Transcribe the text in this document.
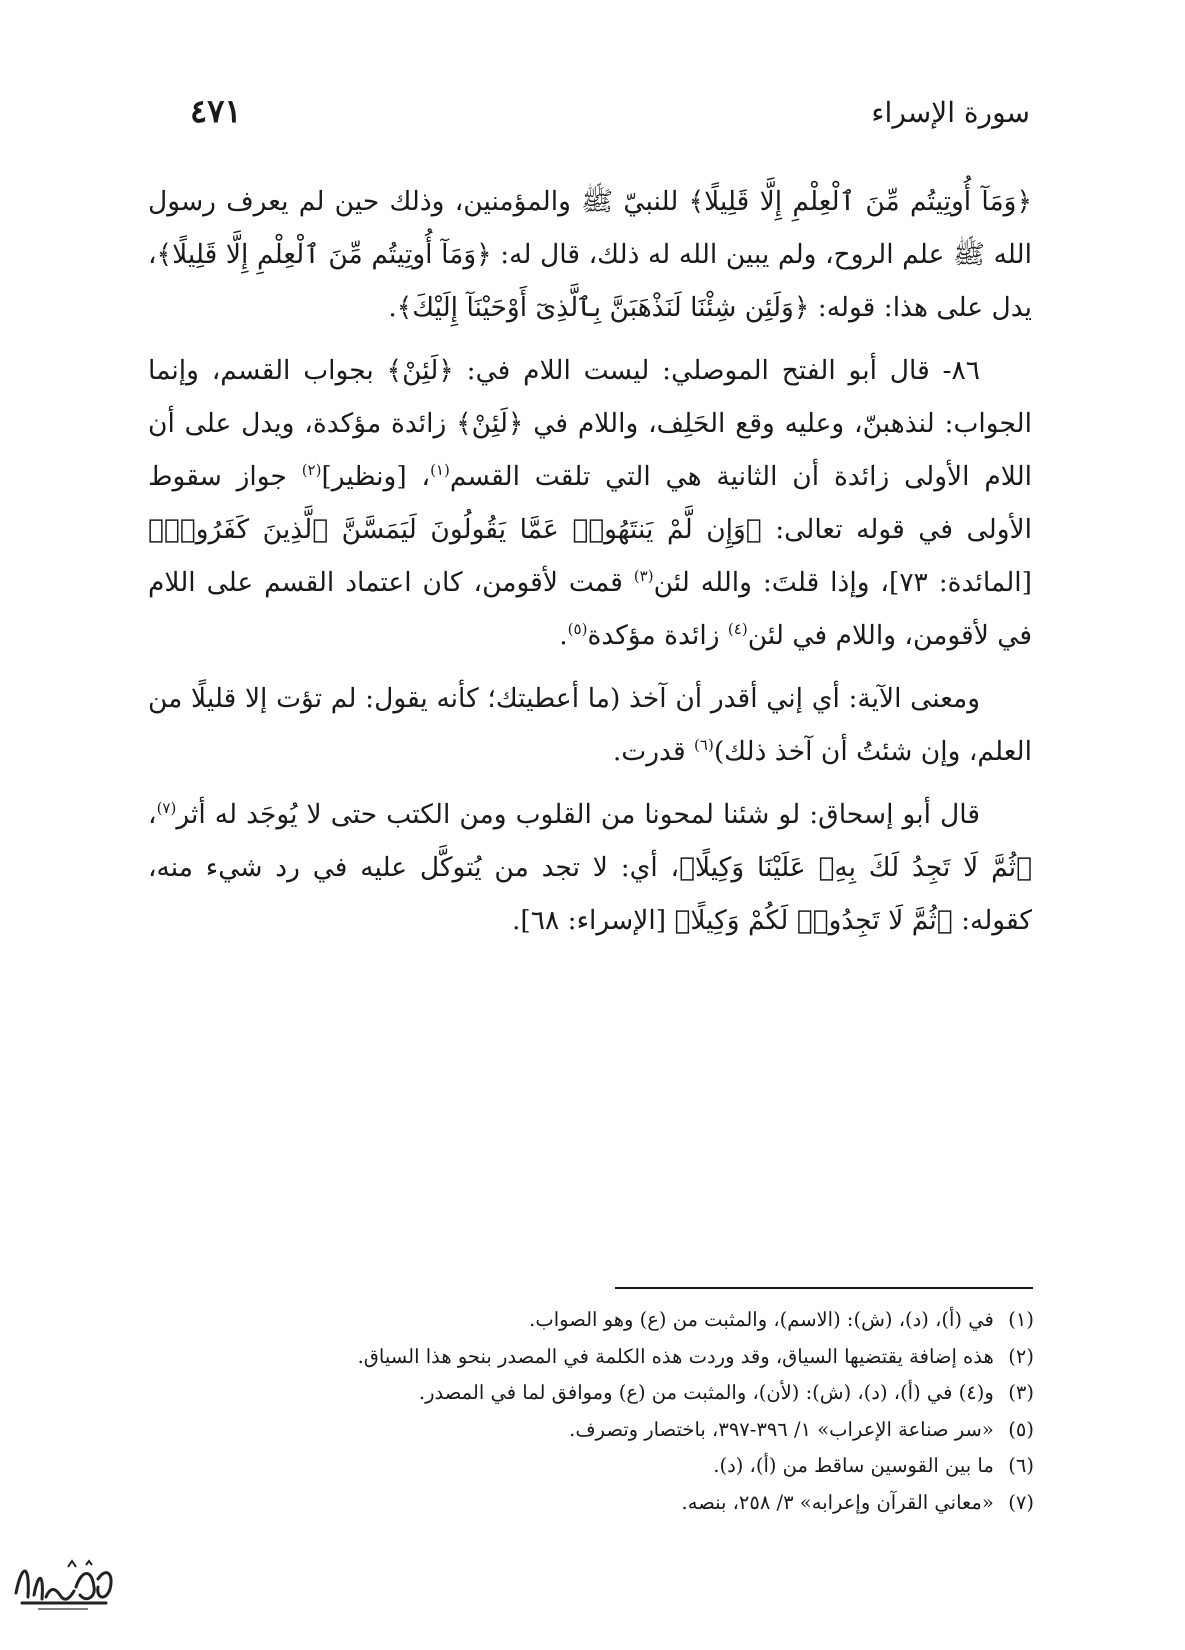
سورة الإسراء
٤٧١

﴿وَمَآ أُوتِيتُم مِّنَ ٱلْعِلْمِ إِلَّا قَلِيلًا﴾ للنبيّ ﷺ والمؤمنين، وذلك حين لم يعرف رسول الله ﷺ علم الروح، ولم يبين الله له ذلك، قال له: ﴿وَمَآ أُوتِيتُم مِّنَ ٱلْعِلْمِ إِلَّا قَلِيلًا﴾، يدل على هذا: قوله: ﴿وَلَئِن شِئْنَا لَنَذْهَبَنَّ بِٱلَّذِىٓ أَوْحَيْنَآ إِلَيْكَ﴾.

٨٦- قال أبو الفتح الموصلي: ليست اللام في: ﴿لَئِنْ﴾ بجواب القسم، وإنما الجواب: لنذهبنّ، وعليه وقع الحَلِف، واللام في ﴿لَئِنْ﴾ زائدة مؤكدة، ويدل على أن اللام الأولى زائدة أن الثانية هي التي تلقت القسم$^{(١)}$، [ونظير]$^{(٢)}$ جواز سقوط الأولى في قوله تعالى: ﴿وَإِن لَّمْ يَنتَهُوا۟ عَمَّا يَقُولُونَ لَيَمَسَّنَّ ٱلَّذِينَ كَفَرُوا۟﴾ [المائدة: ٧٣]، وإذا قلتَ: والله لئن$^{(٣)}$ قمت لأقومن، كان اعتماد القسم على اللام في لأقومن، واللام في لئن$^{(٤)}$ زائدة مؤكدة$^{(٥)}$.

ومعنى الآية: أي إني أقدر أن آخذ (ما أعطيتك؛ كأنه يقول: لم تؤت إلا قليلًا من العلم، وإن شئتُ أن آخذ ذلك)$^{(٦)}$ قدرت.

قال أبو إسحاق: لو شئنا لمحونا من القلوب ومن الكتب حتى لا يُوجَد له أثر$^{(٧)}$، ﴿ثُمَّ لَا تَجِدُ لَكَ بِهِۦ عَلَيْنَا وَكِيلًا﴾، أي: لا تجد من يُتوكَّل عليه في رد شيء منه، كقوله: ﴿ثُمَّ لَا تَجِدُوا۟ لَكُمْ وَكِيلًا﴾ [الإسراء: ٦٨].

(١) في (أ)، (د)، (ش): (الاسم)، والمثبت من (ع) وهو الصواب.
(٢) هذه إضافة يقتضيها السياق، وقد وردت هذه الكلمة في المصدر بنحو هذا السياق.
(٣) و(٤) في (أ)، (د)، (ش): (لأن)، والمثبت من (ع) وموافق لما في المصدر.
(٥) «سر صناعة الإعراب» ١/ ٣٩٦-٣٩٧، باختصار وتصرف.
(٦) ما بين القوسين ساقط من (أ)، (د).
(٧) «معاني القرآن وإعرابه» ٣/ ٢٥٨، بنصه.
